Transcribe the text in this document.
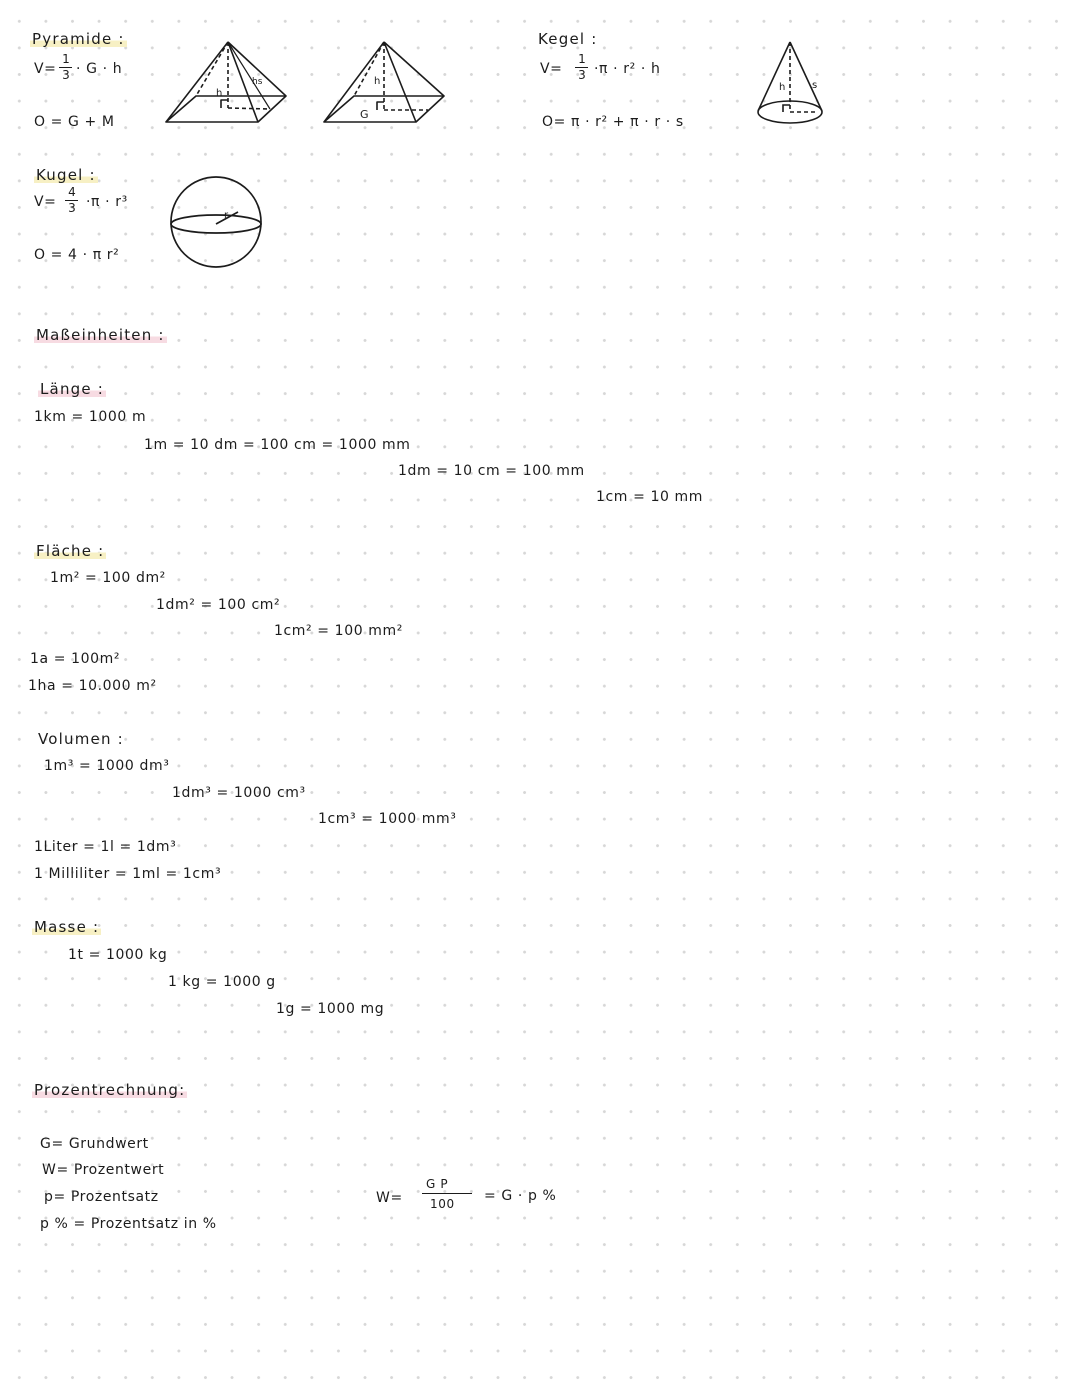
Pyramide :
V=
1
3 · G · h
O = G + M
h
hs	h
G
Kegel :
V=
1
3 ·π · r² · h
O= π · r² + π · r · s
h	s
Kugel :
V=
4
3 ·π · r³
O = 4 · π r²
r
Maßeinheiten :
Länge :
1km = 1000 m
1m = 10 dm = 100 cm = 1000 mm
1dm = 10 cm = 100 mm
1cm = 10 mm
Fläche :
1m² = 100 dm²
1dm² = 100 cm²
1cm² = 100 mm²
1a = 100m²
1ha = 10.000 m²
Volumen :
1m³ = 1000 dm³
1dm³ = 1000 cm³
1cm³ = 1000 mm³
1Liter = 1l = 1dm³
1 Milliliter = 1ml = 1cm³
Masse :
1t = 1000 kg
1 kg = 1000 g
1g = 1000 mg
Prozentrechnung:
G= Grundwert
W= Prozentwert
p= Prozentsatz
p % = Prozentsatz in %
W=
G P
100 = G · p %
